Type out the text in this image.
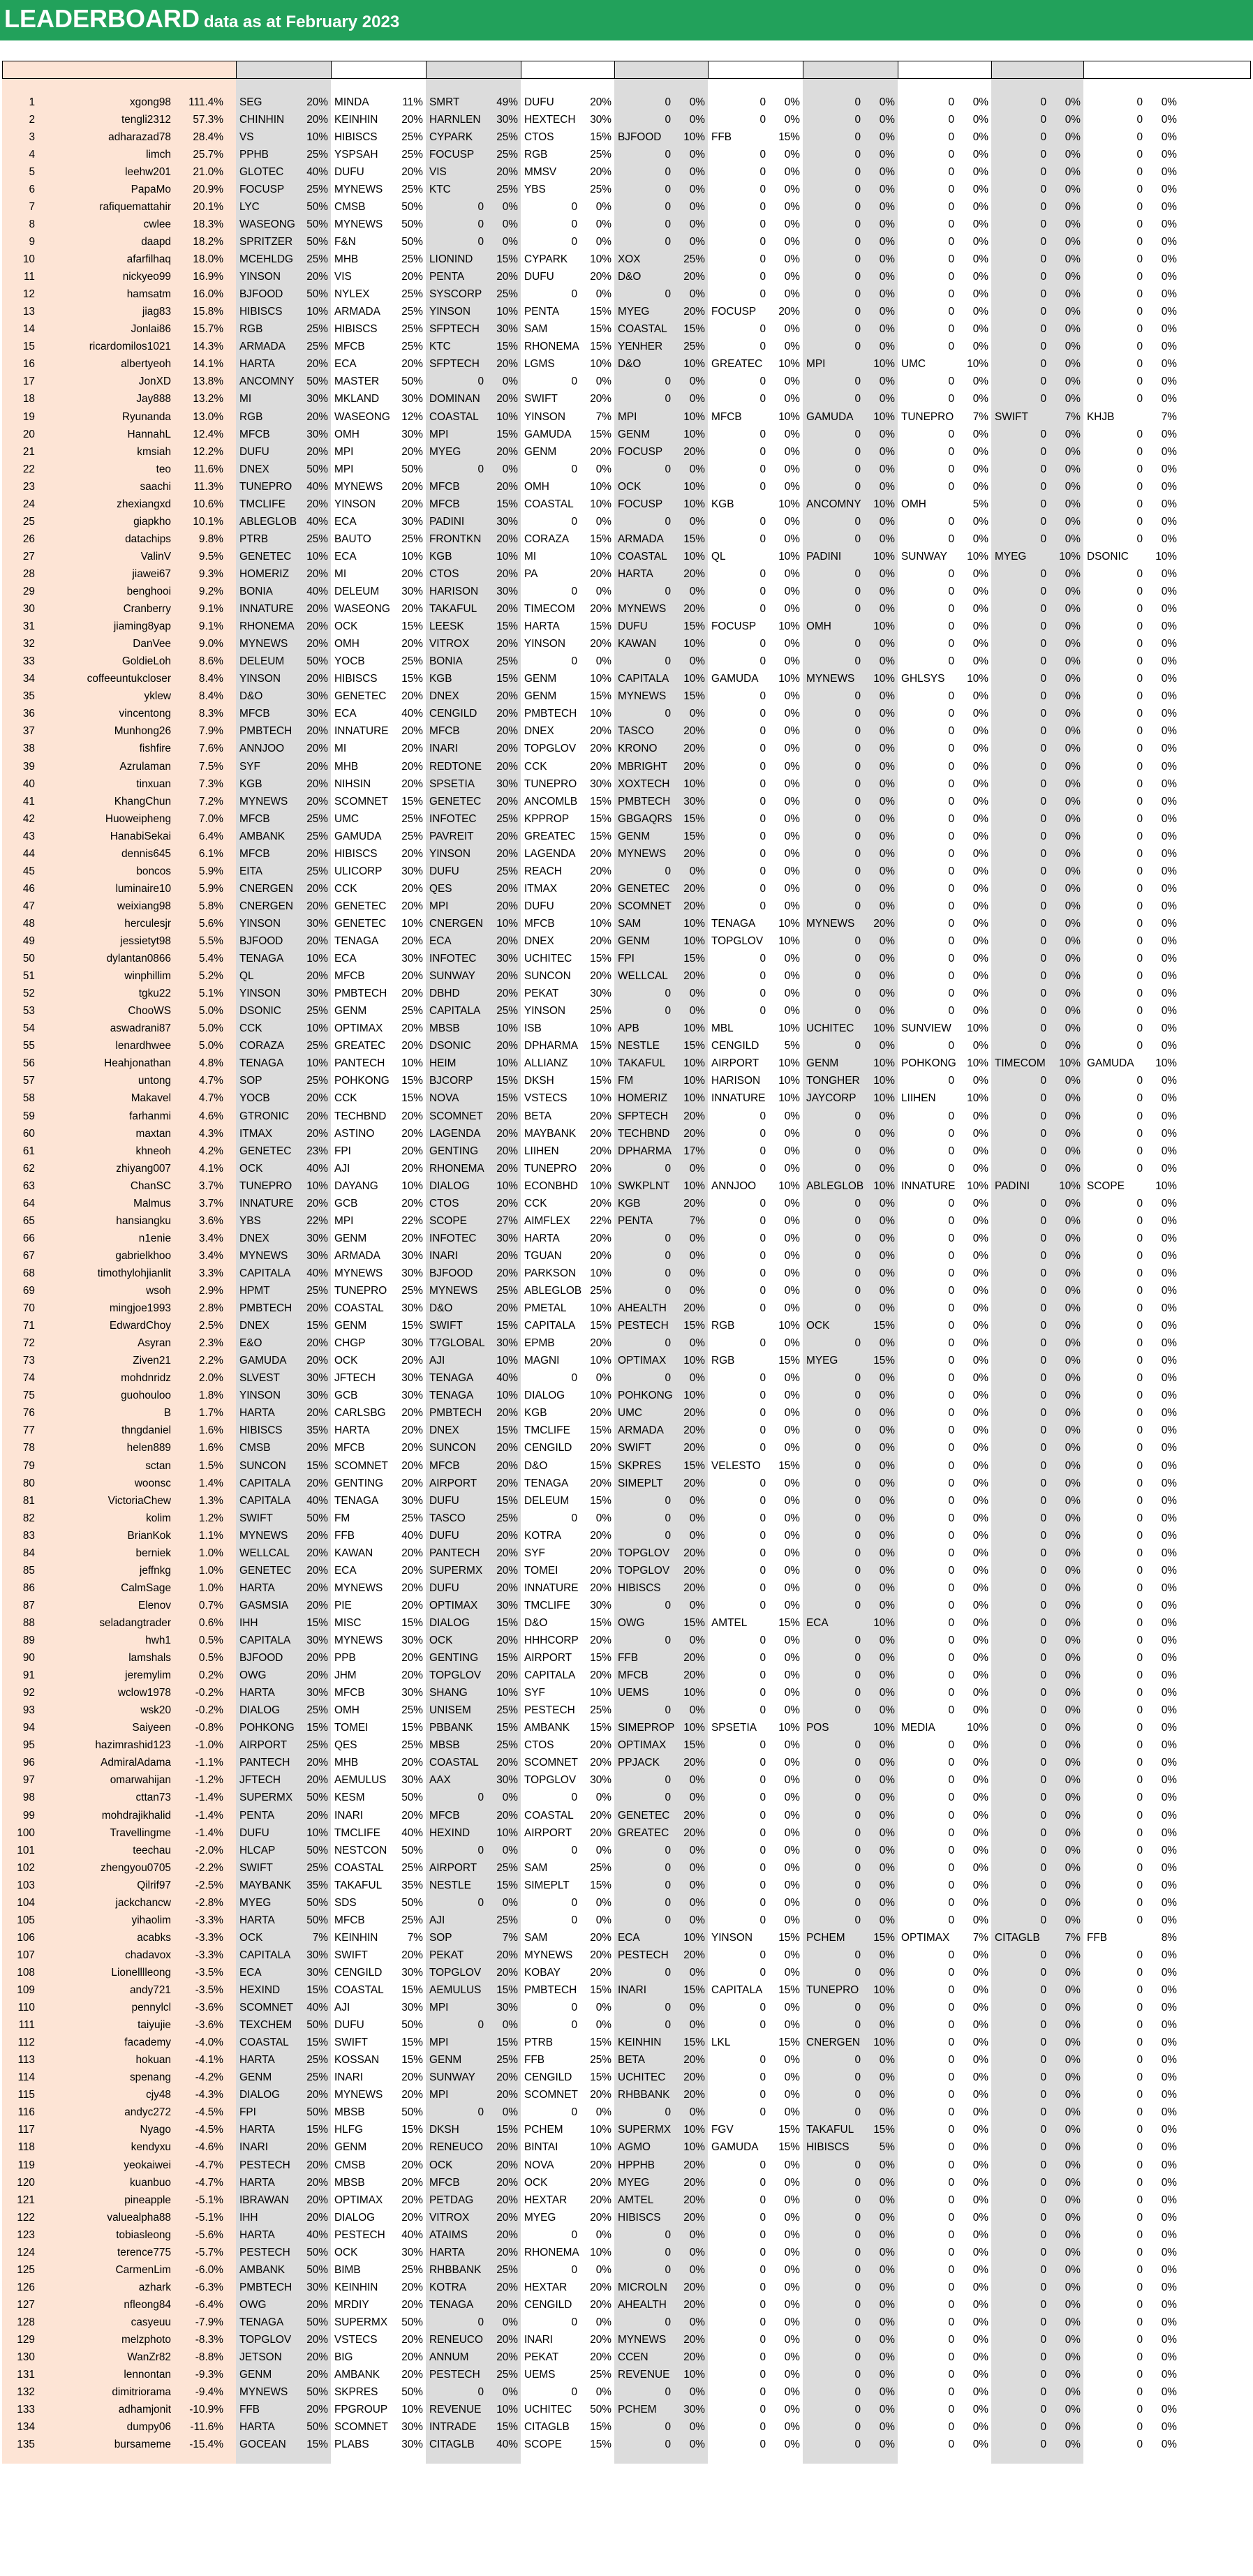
LEADERBOARD data as at February 2023
1	xgong98	111.4% SEG	20% MINDA	11% SMRT	49% DUFU	20%	0	0%	0	0%	0	0%	0	0%	0	0%	0	0%
2	tengli2312	57.3% CHINHIN	20% KEINHIN	20% HARNLEN	30% HEXTECH	30%	0	0%	0	0%	0	0%	0	0%	0	0%	0	0%
3	adharazad78	28.4% VS	10% HIBISCS	25% CYPARK	25% CTOS	15% BJFOOD	10% FFB	15%	0	0%	0	0%	0	0%	0	0%
4	limch	25.7% PPHB	25% YSPSAH	25% FOCUSP	25% RGB	25%	0	0%	0	0%	0	0%	0	0%	0	0%	0	0%
5	leehw201	21.0% GLOTEC	40% DUFU	20% VIS	20% MMSV	20%	0	0%	0	0%	0	0%	0	0%	0	0%	0	0%
6	PapaMo	20.9% FOCUSP	25% MYNEWS	25% KTC	25% YBS	25%	0	0%	0	0%	0	0%	0	0%	0	0%	0	0%
7	rafiquemattahir	20.1% LYC	50% CMSB	50%	0	0%	0	0%	0	0%	0	0%	0	0%	0	0%	0	0%	0	0%
8	cwlee	18.3% WASEONG	50% MYNEWS	50%	0	0%	0	0%	0	0%	0	0%	0	0%	0	0%	0	0%	0	0%
9	daapd	18.2% SPRITZER	50% F&N	50%	0	0%	0	0%	0	0%	0	0%	0	0%	0	0%	0	0%	0	0%
10	afarfilhaq	18.0% MCEHLDG	25% MHB	25% LIONIND	15% CYPARK	10% XOX	25%	0	0%	0	0%	0	0%	0	0%	0	0%
11	nickyeo99	16.9% YINSON	20% VIS	20% PENTA	20% DUFU	20% D&O	20%	0	0%	0	0%	0	0%	0	0%	0	0%
12	hamsatm	16.0% BJFOOD	50% NYLEX	25% SYSCORP	25%	0	0%	0	0%	0	0%	0	0%	0	0%	0	0%	0	0%
13	jiag83	15.8% HIBISCS	10% ARMADA	25% YINSON	10% PENTA	15% MYEG	20% FOCUSP	20%	0	0%	0	0%	0	0%	0	0%
14	Jonlai86	15.7% RGB	25% HIBISCS	25% SFPTECH	30% SAM	15% COASTAL	15%	0	0%	0	0%	0	0%	0	0%	0	0%
15	ricardomilos1021	14.3% ARMADA	25% MFCB	25% KTC	15% RHONEMA	15% YENHER	25%	0	0%	0	0%	0	0%	0	0%	0	0%
16	albertyeoh	14.1% HARTA	20% ECA	20% SFPTECH	20% LGMS	10% D&O	10% GREATEC	10% MPI	10% UMC	10%	0	0%	0	0%
17	JonXD	13.8% ANCOMNY	50% MASTER	50%	0	0%	0	0%	0	0%	0	0%	0	0%	0	0%	0	0%	0	0%
18	Jay888	13.2% MI	30% MKLAND	30% DOMINAN	20% SWIFT	20%	0	0%	0	0%	0	0%	0	0%	0	0%	0	0%
19	Ryunanda	13.0% RGB	20% WASEONG	12% COASTAL	10% YINSON	7% MPI	10% MFCB	10% GAMUDA	10% TUNEPRO	7% SWIFT	7% KHJB	7%
20	HannahL	12.4% MFCB	30% OMH	30% MPI	15% GAMUDA	15% GENM	10%	0	0%	0	0%	0	0%	0	0%	0	0%
21	kmsiah	12.2% DUFU	20% MPI	20% MYEG	20% GENM	20% FOCUSP	20%	0	0%	0	0%	0	0%	0	0%	0	0%
22	teo	11.6% DNEX	50% MPI	50%	0	0%	0	0%	0	0%	0	0%	0	0%	0	0%	0	0%	0	0%
23	saachi	11.3% TUNEPRO	40% MYNEWS	20% MFCB	20% OMH	10% OCK	10%	0	0%	0	0%	0	0%	0	0%	0	0%
24	zhexiangxd	10.6% TMCLIFE	20% YINSON	20% MFCB	15% COASTAL	10% FOCUSP	10% KGB	10% ANCOMNY	10% OMH	5%	0	0%	0	0%
25	giapkho	10.1% ABLEGLOB 40% ECA	30% PADINI	30%	0	0%	0	0%	0	0%	0	0%	0	0%	0	0%	0	0%
26	datachips	9.8% PTRB	25% BAUTO	25% FRONTKN	20% CORAZA	15% ARMADA	15%	0	0%	0	0%	0	0%	0	0%	0	0%
27	ValinV	9.5% GENETEC	10% ECA	10% KGB	10% MI	10% COASTAL	10% QL	10% PADINI	10% SUNWAY	10% MYEG	10% DSONIC	10%
28	jiawei67	9.3% HOMERIZ	20% MI	20% CTOS	20% PA	20% HARTA	20%	0	0%	0	0%	0	0%	0	0%	0	0%
29	benghooi	9.2% BONIA	40% DELEUM	30% HARISON	30%	0	0%	0	0%	0	0%	0	0%	0	0%	0	0%	0	0%
30	Cranberry	9.1% INNATURE	20% WASEONG	20% TAKAFUL	20% TIMECOM	20% MYNEWS	20%	0	0%	0	0%	0	0%	0	0%	0	0%
31	jiaming8yap	9.1% RHONEMA	20% OCK	15% LEESK	15% HARTA	15% DUFU	15% FOCUSP	10% OMH	10%	0	0%	0	0%	0	0%
32	DanVee	9.0% MYNEWS	20% OMH	20% VITROX	20% YINSON	20% KAWAN	10%	0	0%	0	0%	0	0%	0	0%	0	0%
33	GoldieLoh	8.6% DELEUM	50% YOCB	25% BONIA	25%	0	0%	0	0%	0	0%	0	0%	0	0%	0	0%	0	0%
34	coffeeuntukcloser	8.4% YINSON	20% HIBISCS	15% KGB	15% GENM	10% CAPITALA	10% GAMUDA	10% MYNEWS	10% GHLSYS	10%	0	0%	0	0%
35	yklew	8.4% D&O	30% GENETEC	20% DNEX	20% GENM	15% MYNEWS	15%	0	0%	0	0%	0	0%	0	0%	0	0%
36	vincentong	8.3% MFCB	30% ECA	40% CENGILD	20% PMBTECH	10%	0	0%	0	0%	0	0%	0	0%	0	0%	0	0%
37	Munhong26	7.9% PMBTECH	20% INNATURE	20% MFCB	20% DNEX	20% TASCO	20%	0	0%	0	0%	0	0%	0	0%	0	0%
38	fishfire	7.6% ANNJOO	20% MI	20% INARI	20% TOPGLOV	20% KRONO	20%	0	0%	0	0%	0	0%	0	0%	0	0%
39	Azrulaman	7.5% SYF	20% MHB	20% REDTONE	20% CCK	20% MBRIGHT	20%	0	0%	0	0%	0	0%	0	0%	0	0%
40	tinxuan	7.3% KGB	20% NIHSIN	20% SPSETIA	30% TUNEPRO	30% XOXTECH	10%	0	0%	0	0%	0	0%	0	0%	0	0%
41	KhangChun	7.2% MYNEWS	20% SCOMNET	15% GENETEC	20% ANCOMLB	15% PMBTECH	30%	0	0%	0	0%	0	0%	0	0%	0	0%
42	Huoweipheng	7.0% MFCB	25% UMC	25% INFOTEC	25% KPPROP	15% GBGAQRS	15%	0	0%	0	0%	0	0%	0	0%	0	0%
43	HanabiSekai	6.4% AMBANK	25% GAMUDA	25% PAVREIT	20% GREATEC	15% GENM	15%	0	0%	0	0%	0	0%	0	0%	0	0%
44	dennis645	6.1% MFCB	20% HIBISCS	20% YINSON	20% LAGENDA	20% MYNEWS	20%	0	0%	0	0%	0	0%	0	0%	0	0%
45	boncos	5.9% EITA	25% ULICORP	30% DUFU	25% REACH	20%	0	0%	0	0%	0	0%	0	0%	0	0%	0	0%
46	luminaire10	5.9% CNERGEN	20% CCK	20% QES	20% ITMAX	20% GENETEC	20%	0	0%	0	0%	0	0%	0	0%	0	0%
47	weixiang98	5.8% CNERGEN	20% GENETEC	20% MPI	20% DUFU	20% SCOMNET	20%	0	0%	0	0%	0	0%	0	0%	0	0%
48	herculesjr	5.6% YINSON	30% GENETEC	10% CNERGEN	10% MFCB	10% SAM	10% TENAGA	10% MYNEWS	20%	0	0%	0	0%	0	0%
49	jessietyt98	5.5% BJFOOD	20% TENAGA	20% ECA	20% DNEX	20% GENM	10% TOPGLOV	10%	0	0%	0	0%	0	0%	0	0%
50	dylantan0866	5.4% TENAGA	10% ECA	30% INFOTEC	30% UCHITEC	15% FPI	15%	0	0%	0	0%	0	0%	0	0%	0	0%
51	winphillim	5.2% QL	20% MFCB	20% SUNWAY	20% SUNCON	20% WELLCAL	20%	0	0%	0	0%	0	0%	0	0%	0	0%
52	tgku22	5.1% YINSON	30% PMBTECH	20% DBHD	20% PEKAT	30%	0	0%	0	0%	0	0%	0	0%	0	0%	0	0%
53	ChooWS	5.0% DSONIC	25% GENM	25% CAPITALA	25% YINSON	25%	0	0%	0	0%	0	0%	0	0%	0	0%	0	0%
54	aswadrani87	5.0% CCK	10% OPTIMAX	20% MBSB	10% ISB	10% APB	10% MBL	10% UCHITEC	10% SUNVIEW	10%	0	0%	0	0%
55	lenardhwee	5.0% CORAZA	25% GREATEC	20% DSONIC	20% DPHARMA	15% NESTLE	15% CENGILD	5%	0	0%	0	0%	0	0%	0	0%
56	Heahjonathan	4.8% TENAGA	10% PANTECH	10% HEIM	10% ALLIANZ	10% TAKAFUL	10% AIRPORT	10% GENM	10% POHKONG	10% TIMECOM	10% GAMUDA	10%
57	untong	4.7% SOP	25% POHKONG	15% BJCORP	15% DKSH	15% FM	10% HARISON	10% TONGHER	10%	0	0%	0	0%	0	0%
58	Makavel	4.7% YOCB	20% CCK	15% NOVA	15% VSTECS	10% HOMERIZ	10% INNATURE	10% JAYCORP	10% LIIHEN	10%	0	0%	0	0%
59	farhanmi	4.6% GTRONIC	20% TECHBND	20% SCOMNET	20% BETA	20% SFPTECH	20%	0	0%	0	0%	0	0%	0	0%	0	0%
60	maxtan	4.3% ITMAX	20% ASTINO	20% LAGENDA	20% MAYBANK	20% TECHBND	20%	0	0%	0	0%	0	0%	0	0%	0	0%
61	khneoh	4.2% GENETEC	23% FPI	20% GENTING	20% LIIHEN	20% DPHARMA	17%	0	0%	0	0%	0	0%	0	0%	0	0%
62	zhiyang007	4.1% OCK	40% AJI	20% RHONEMA	20% TUNEPRO	20%	0	0%	0	0%	0	0%	0	0%	0	0%	0	0%
63	ChanSC	3.7% TUNEPRO	10% DAYANG	10% DIALOG	10% ECONBHD	10% SWKPLNT	10% ANNJOO	10% ABLEGLOB 10% INNATURE	10% PADINI	10% SCOPE	10%
64	Malmus	3.7% INNATURE	20% GCB	20% CTOS	20% CCK	20% KGB	20%	0	0%	0	0%	0	0%	0	0%	0	0%
65	hansiangku	3.6% YBS	22% MPI	22% SCOPE	27% AIMFLEX	22% PENTA	7%	0	0%	0	0%	0	0%	0	0%	0	0%
66	n1enie	3.4% DNEX	30% GENM	20% INFOTEC	30% HARTA	20%	0	0%	0	0%	0	0%	0	0%	0	0%	0	0%
67	gabrielkhoo	3.4% MYNEWS	30% ARMADA	30% INARI	20% TGUAN	20%	0	0%	0	0%	0	0%	0	0%	0	0%	0	0%
68	timothylohjianlit	3.3% CAPITALA	40% MYNEWS	30% BJFOOD	20% PARKSON	10%	0	0%	0	0%	0	0%	0	0%	0	0%	0	0%
69	wsoh	2.9% HPMT	25% TUNEPRO	25% MYNEWS	25% ABLEGLOB 25%	0	0%	0	0%	0	0%	0	0%	0	0%	0	0%
70	mingjoe1993	2.8% PMBTECH	20% COASTAL	30% D&O	20% PMETAL	10% AHEALTH	20%	0	0%	0	0%	0	0%	0	0%	0	0%
71	EdwardChoy	2.5% DNEX	15% GENM	15% SWIFT	15% CAPITALA	15% PESTECH	15% RGB	10% OCK	15%	0	0%	0	0%	0	0%
72	Asyran	2.3% E&O	20% CHGP	30% T7GLOBAL	30% EPMB	20%	0	0%	0	0%	0	0%	0	0%	0	0%	0	0%
73	Ziven21	2.2% GAMUDA	20% OCK	20% AJI	10% MAGNI	10% OPTIMAX	10% RGB	15% MYEG	15%	0	0%	0	0%	0	0%
74	mohdnridz	2.0% SLVEST	30% JFTECH	30% TENAGA	40%	0	0%	0	0%	0	0%	0	0%	0	0%	0	0%	0	0%
75	guohouloo	1.8% YINSON	30% GCB	30% TENAGA	10% DIALOG	10% POHKONG	10%	0	0%	0	0%	0	0%	0	0%	0	0%
76	B	1.7% HARTA	20% CARLSBG	20% PMBTECH	20% KGB	20% UMC	20%	0	0%	0	0%	0	0%	0	0%	0	0%
77	thngdaniel	1.6% HIBISCS	35% HARTA	20% DNEX	15% TMCLIFE	15% ARMADA	20%	0	0%	0	0%	0	0%	0	0%	0	0%
78	helen889	1.6% CMSB	20% MFCB	20% SUNCON	20% CENGILD	20% SWIFT	20%	0	0%	0	0%	0	0%	0	0%	0	0%
79	sctan	1.5% SUNCON	15% SCOMNET	20% MFCB	20% D&O	15% SKPRES	15% VELESTO	15%	0	0%	0	0%	0	0%	0	0%
80	woonsc	1.4% CAPITALA	20% GENTING	20% AIRPORT	20% TENAGA	20% SIMEPLT	20%	0	0%	0	0%	0	0%	0	0%	0	0%
81	VictoriaChew	1.3% CAPITALA	40% TENAGA	30% DUFU	15% DELEUM	15%	0	0%	0	0%	0	0%	0	0%	0	0%	0	0%
82	kolim	1.2% SWIFT	50% FM	25% TASCO	25%	0	0%	0	0%	0	0%	0	0%	0	0%	0	0%	0	0%
83	BrianKok	1.1% MYNEWS	20% FFB	40% DUFU	20% KOTRA	20%	0	0%	0	0%	0	0%	0	0%	0	0%	0	0%
84	berniek	1.0% WELLCAL	20% KAWAN	20% PANTECH	20% SYF	20% TOPGLOV	20%	0	0%	0	0%	0	0%	0	0%	0	0%
85	jeffnkg	1.0% GENETEC	20% ECA	20% SUPERMX	20% TOMEI	20% TOPGLOV	20%	0	0%	0	0%	0	0%	0	0%	0	0%
86	CalmSage	1.0% HARTA	20% MYNEWS	20% DUFU	20% INNATURE	20% HIBISCS	20%	0	0%	0	0%	0	0%	0	0%	0	0%
87	Elenov	0.7% GASMSIA	20% PIE	20% OPTIMAX	30% TMCLIFE	30%	0	0%	0	0%	0	0%	0	0%	0	0%	0	0%
88	seladangtrader	0.6% IHH	15% MISC	15% DIALOG	15% D&O	15% OWG	15% AMTEL	15% ECA	10%	0	0%	0	0%	0	0%
89	hwh1	0.5% CAPITALA	30% MYNEWS	30% OCK	20% HHHCORP	20%	0	0%	0	0%	0	0%	0	0%	0	0%	0	0%
90	lamshals	0.5% BJFOOD	20% PPB	20% GENTING	15% AIRPORT	15% FFB	20%	0	0%	0	0%	0	0%	0	0%	0	0%
91	jeremylim	0.2% OWG	20% JHM	20% TOPGLOV	20% CAPITALA	20% MFCB	20%	0	0%	0	0%	0	0%	0	0%	0	0%
92	wclow1978	-0.2% HARTA	30% MFCB	30% SHANG	10% SYF	10% UEMS	10%	0	0%	0	0%	0	0%	0	0%	0	0%
93	wsk20	-0.2% DIALOG	25% OMH	25% UNISEM	25% PESTECH	25%	0	0%	0	0%	0	0%	0	0%	0	0%	0	0%
94	Saiyeen	-0.8% POHKONG	15% TOMEI	15% PBBANK	15% AMBANK	15% SIMEPROP 10% SPSETIA	10% POS	10% MEDIA	10%	0	0%	0	0%
95	hazimrashid123	-1.0% AIRPORT	25% QES	25% MBSB	25% CTOS	20% OPTIMAX	15%	0	0%	0	0%	0	0%	0	0%	0	0%
96	AdmiralAdama	-1.1% PANTECH	20% MHB	20% COASTAL	20% SCOMNET	20% PPJACK	20%	0	0%	0	0%	0	0%	0	0%	0	0%
97	omarwahijan	-1.2% JFTECH	20% AEMULUS	30% AAX	30% TOPGLOV	30%	0	0%	0	0%	0	0%	0	0%	0	0%	0	0%
98	cttan73	-1.4% SUPERMX	50% KESM	50%	0	0%	0	0%	0	0%	0	0%	0	0%	0	0%	0	0%	0	0%
99	mohdrajikhalid	-1.4% PENTA	20% INARI	20% MFCB	20% COASTAL	20% GENETEC	20%	0	0%	0	0%	0	0%	0	0%	0	0%
100	Travellingme	-1.4% DUFU	10% TMCLIFE	40% HEXIND	10% AIRPORT	20% GREATEC	20%	0	0%	0	0%	0	0%	0	0%	0	0%
101	teechau	-2.0% HLCAP	50% NESTCON	50%	0	0%	0	0%	0	0%	0	0%	0	0%	0	0%	0	0%	0	0%
102	zhengyou0705	-2.2% SWIFT	25% COASTAL	25% AIRPORT	25% SAM	25%	0	0%	0	0%	0	0%	0	0%	0	0%	0	0%
103	Qilrif97	-2.5% MAYBANK	35% TAKAFUL	35% NESTLE	15% SIMEPLT	15%	0	0%	0	0%	0	0%	0	0%	0	0%	0	0%
104	jackchancw	-2.8% MYEG	50% SDS	50%	0	0%	0	0%	0	0%	0	0%	0	0%	0	0%	0	0%	0	0%
105	yihaolim	-3.3% HARTA	50% MFCB	25% AJI	25%	0	0%	0	0%	0	0%	0	0%	0	0%	0	0%	0	0%
106	acabks	-3.3% OCK	7% KEINHIN	7% SOP	7% SAM	20% ECA	10% YINSON	15% PCHEM	15% OPTIMAX	7% CITAGLB	7% FFB	8%
107	chadavox	-3.3% CAPITALA	30% SWIFT	20% PEKAT	20% MYNEWS	20% PESTECH	20%	0	0%	0	0%	0	0%	0	0%	0	0%
108	Lionelllleong	-3.5% ECA	30% CENGILD	30% TOPGLOV	20% KOBAY	20%	0	0%	0	0%	0	0%	0	0%	0	0%	0	0%
109	andy721	-3.5% HEXIND	15% COASTAL	15% AEMULUS	15% PMBTECH	15% INARI	15% CAPITALA	15% TUNEPRO	10%	0	0%	0	0%	0	0%
110	pennylcl	-3.6% SCOMNET	40% AJI	30% MPI	30%	0	0%	0	0%	0	0%	0	0%	0	0%	0	0%	0	0%
111	taiyujie	-3.6% TEXCHEM	50% DUFU	50%	0	0%	0	0%	0	0%	0	0%	0	0%	0	0%	0	0%	0	0%
112	facademy	-4.0% COASTAL	15% SWIFT	15% MPI	15% PTRB	15% KEINHIN	15% LKL	15% CNERGEN	10%	0	0%	0	0%	0	0%
113	hokuan	-4.1% HARTA	25% KOSSAN	15% GENM	25% FFB	25% BETA	20%	0	0%	0	0%	0	0%	0	0%	0	0%
114	spenang	-4.2% GENM	25% INARI	20% SUNWAY	20% CENGILD	15% UCHITEC	20%	0	0%	0	0%	0	0%	0	0%	0	0%
115	cjy48	-4.3% DIALOG	20% MYNEWS	20% MPI	20% SCOMNET	20% RHBBANK	20%	0	0%	0	0%	0	0%	0	0%	0	0%
116	andyc272	-4.5% FPI	50% MBSB	50%	0	0%	0	0%	0	0%	0	0%	0	0%	0	0%	0	0%	0	0%
117	Nyago	-4.5% HARTA	15% HLFG	15% DKSH	15% PCHEM	10% SUPERMX	10% FGV	15% TAKAFUL	15%	0	0%	0	0%	0	0%
118	kendyxu	-4.6% INARI	20% GENM	20% RENEUCO	20% BINTAI	10% AGMO	10% GAMUDA	15% HIBISCS	5%	0	0%	0	0%	0	0%
119	yeokaiwei	-4.7% PESTECH	20% CMSB	20% OCK	20% NOVA	20% HPPHB	20%	0	0%	0	0%	0	0%	0	0%	0	0%
120	kuanbuo	-4.7% HARTA	20% MBSB	20% MFCB	20% OCK	20% MYEG	20%	0	0%	0	0%	0	0%	0	0%	0	0%
121	pineapple	-5.1% IBRAWAN	20% OPTIMAX	20% PETDAG	20% HEXTAR	20% AMTEL	20%	0	0%	0	0%	0	0%	0	0%	0	0%
122	valuealpha88	-5.1% IHH	20% DIALOG	20% VITROX	20% MYEG	20% HIBISCS	20%	0	0%	0	0%	0	0%	0	0%	0	0%
123	tobiasleong	-5.6% HARTA	40% PESTECH	40% ATAIMS	20%	0	0%	0	0%	0	0%	0	0%	0	0%	0	0%	0	0%
124	terence775	-5.7% PESTECH	50% OCK	30% HARTA	20% RHONEMA	10%	0	0%	0	0%	0	0%	0	0%	0	0%	0	0%
125	CarmenLim	-6.0% AMBANK	50% BIMB	25% RHBBANK	25%	0	0%	0	0%	0	0%	0	0%	0	0%	0	0%	0	0%
126	azhark	-6.3% PMBTECH	30% KEINHIN	20% KOTRA	20% HEXTAR	20% MICROLN	20%	0	0%	0	0%	0	0%	0	0%	0	0%
127	nfleong84	-6.4% OWG	20% MRDIY	20% TENAGA	20% CENGILD	20% AHEALTH	20%	0	0%	0	0%	0	0%	0	0%	0	0%
128	casyeuu	-7.9% TENAGA	50% SUPERMX	50%	0	0%	0	0%	0	0%	0	0%	0	0%	0	0%	0	0%	0	0%
129	melzphoto	-8.3% TOPGLOV	20% VSTECS	20% RENEUCO	20% INARI	20% MYNEWS	20%	0	0%	0	0%	0	0%	0	0%	0	0%
130	WanZr82	-8.8% JETSON	20% BIG	20% ANNUM	20% PEKAT	20% CCEN	20%	0	0%	0	0%	0	0%	0	0%	0	0%
131	lennontan	-9.3% GENM	20% AMBANK	20% PESTECH	25% UEMS	25% REVENUE	10%	0	0%	0	0%	0	0%	0	0%	0	0%
132	dimitriorama	-9.4% MYNEWS	50% SKPRES	50%	0	0%	0	0%	0	0%	0	0%	0	0%	0	0%	0	0%	0	0%
133	adhamjonit	-10.9% FFB	20% FPGROUP	10% REVENUE	10% UCHITEC	50% PCHEM	30%	0	0%	0	0%	0	0%	0	0%	0	0%
134	dumpy06	-11.6% HARTA	50% SCOMNET	30% INTRADE	15% CITAGLB	15%	0	0%	0	0%	0	0%	0	0%	0	0%	0	0%
135	bursameme	-15.4% GOCEAN	15% PLABS	30% CITAGLB	40% SCOPE	15%	0	0%	0	0%	0	0%	0	0%	0	0%	0	0%
